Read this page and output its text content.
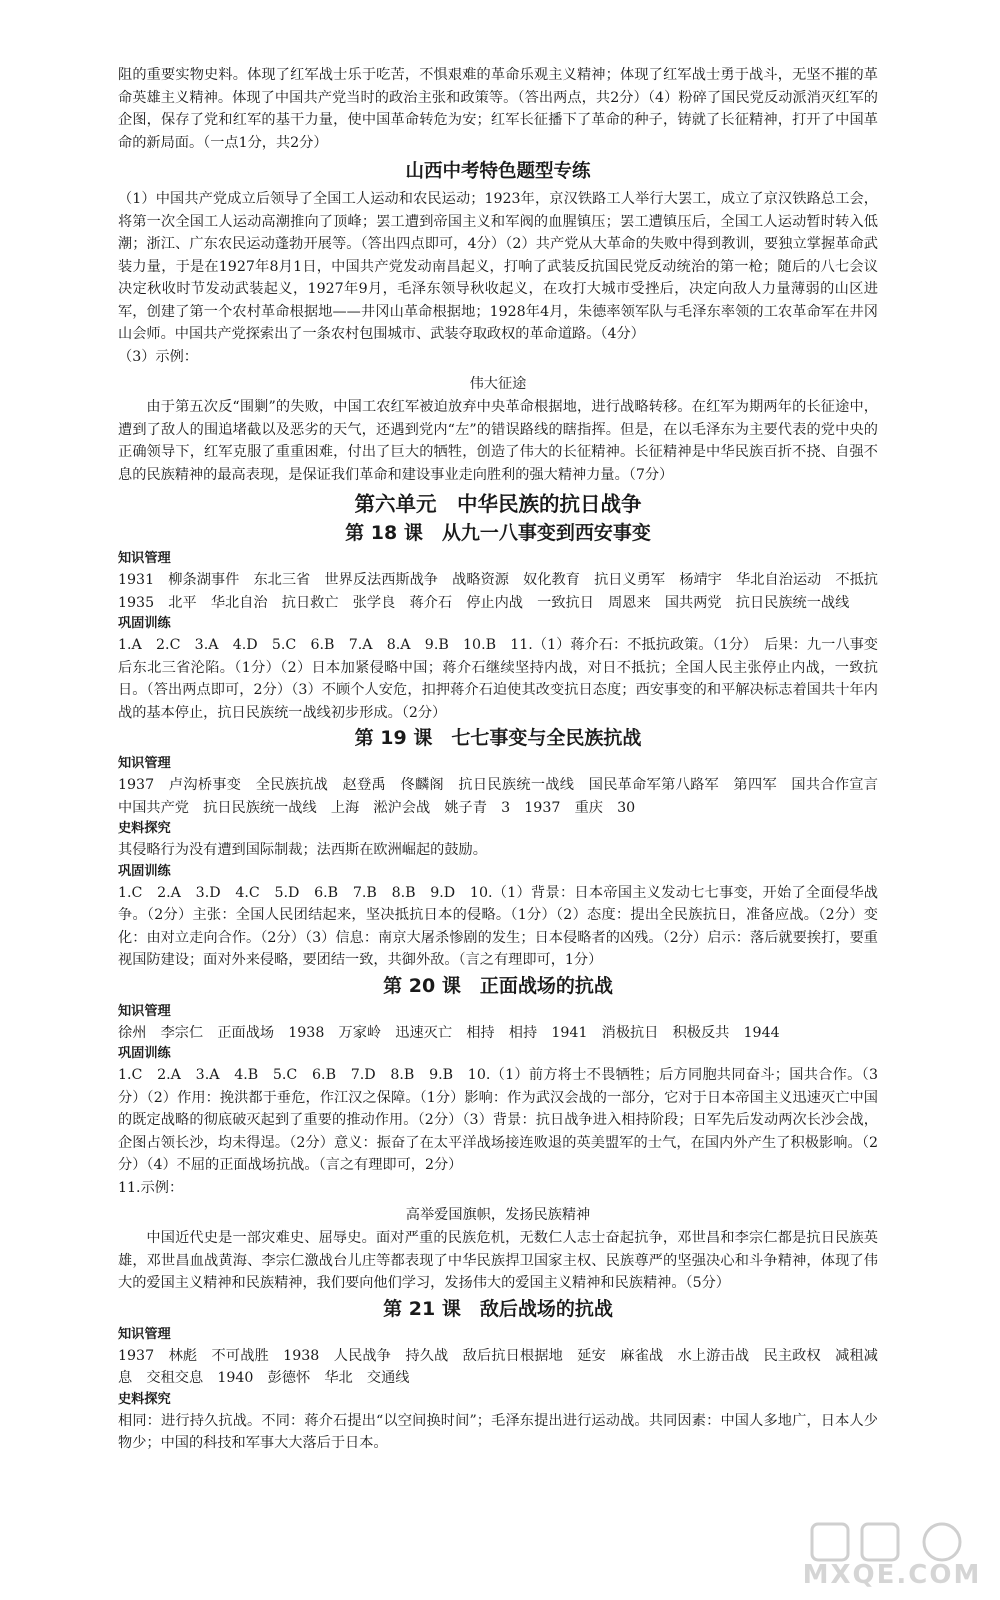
阻的重要实物史料。体现了红军战士乐于吃苦，不惧艰难的革命乐观主义精神；体现了红军战士勇于战斗，无坚不摧的革命英雄主义精神。体现了中国共产党当时的政治主张和政策等。（答出两点，共2分）（4）粉碎了国民党反动派消灭红军的企图，保存了党和红军的基干力量，使中国革命转危为安；红军长征播下了革命的种子，铸就了长征精神，打开了中国革命的新局面。（一点1分，共2分）

山西中考特色题型专练

（1）中国共产党成立后领导了全国工人运动和农民运动；1923年，京汉铁路工人举行大罢工，成立了京汉铁路总工会，将第一次全国工人运动高潮推向了顶峰；罢工遭到帝国主义和军阀的血腥镇压；罢工遭镇压后，全国工人运动暂时转入低潮；浙江、广东农民运动蓬勃开展等。（答出四点即可，4分）（2）共产党从大革命的失败中得到教训，要独立掌握革命武装力量，于是在1927年8月1日，中国共产党发动南昌起义，打响了武装反抗国民党反动统治的第一枪；随后的八七会议决定秋收时节发动武装起义，1927年9月，毛泽东领导秋收起义，在攻打大城市受挫后，决定向敌人力量薄弱的山区进军，创建了第一个农村革命根据地——井冈山革命根据地；1928年4月，朱德率领军队与毛泽东率领的工农革命军在井冈山会师。中国共产党探索出了一条农村包围城市、武装夺取政权的革命道路。（4分）

（3）示例：

伟大征途

由于第五次反“围剿”的失败，中国工农红军被迫放弃中央革命根据地，进行战略转移。在红军为期两年的长征途中，遭到了敌人的围追堵截以及恶劣的天气，还遇到党内“左”的错误路线的瞎指挥。但是，在以毛泽东为主要代表的党中央的正确领导下，红军克服了重重困难，付出了巨大的牺牲，创造了伟大的长征精神。长征精神是中华民族百折不挠、自强不息的民族精神的最高表现，是保证我们革命和建设事业走向胜利的强大精神力量。（7分）

第六单元　中华民族的抗日战争
第 18 课　从九一八事变到西安事变
知识管理

1931　柳条湖事件　东北三省　世界反法西斯战争　战略资源　奴化教育　抗日义勇军　杨靖宇　华北自治运动　不抵抗　1935　北平　华北自治　抗日救亡　张学良　蒋介石　停止内战　一致抗日　周恩来　国共两党　抗日民族统一战线

巩固训练

1.A　2.C　3.A　4.D　5.C　6.B　7.A　8.A　9.B　10.B　11.（1）蒋介石：不抵抗政策。（1分）　后果：九一八事变后东北三省沦陷。（1分）（2）日本加紧侵略中国；蒋介石继续坚持内战，对日不抵抗；全国人民主张停止内战，一致抗日。（答出两点即可，2分）（3）不顾个人安危，扣押蒋介石迫使其改变抗日态度；西安事变的和平解决标志着国共十年内战的基本停止，抗日民族统一战线初步形成。（2分）

第 19 课　七七事变与全民族抗战
知识管理

1937　卢沟桥事变　全民族抗战　赵登禹　佟麟阁　抗日民族统一战线　国民革命军第八路军　第四军　国共合作宣言　中国共产党　抗日民族统一战线　上海　淞沪会战　姚子青　3　1937　重庆　30

史料探究

其侵略行为没有遭到国际制裁；法西斯在欧洲崛起的鼓励。

巩固训练

1.C　2.A　3.D　4.C　5.D　6.B　7.B　8.B　9.D　10.（1）背景：日本帝国主义发动七七事变，开始了全面侵华战争。（2分）主张：全国人民团结起来，坚决抵抗日本的侵略。（1分）（2）态度：提出全民族抗日，准备应战。（2分）变化：由对立走向合作。（2分）（3）信息：南京大屠杀惨剧的发生；日本侵略者的凶残。（2分）启示：落后就要挨打，要重视国防建设；面对外来侵略，要团结一致，共御外敌。（言之有理即可，1分）

第 20 课　正面战场的抗战
知识管理

徐州　李宗仁　正面战场　1938　万家岭　迅速灭亡　相持　相持　1941　消极抗日　积极反共　1944

巩固训练

1.C　2.A　3.A　4.B　5.C　6.B　7.D　8.B　9.B　10.（1）前方将士不畏牺牲；后方同胞共同奋斗；国共合作。（3分）（2）作用：挽洪都于垂危，作江汉之保障。（1分）影响：作为武汉会战的一部分，它对于日本帝国主义迅速灭亡中国的既定战略的彻底破灭起到了重要的推动作用。（2分）（3）背景：抗日战争进入相持阶段；日军先后发动两次长沙会战，企图占领长沙，均未得逞。（2分）意义：振奋了在太平洋战场接连败退的英美盟军的士气，在国内外产生了积极影响。（2分）（4）不屈的正面战场抗战。（言之有理即可，2分）

11.示例：

高举爱国旗帜，发扬民族精神

中国近代史是一部灾难史、屈辱史。面对严重的民族危机，无数仁人志士奋起抗争，邓世昌和李宗仁都是抗日民族英雄，邓世昌血战黄海、李宗仁激战台儿庄等都表现了中华民族捍卫国家主权、民族尊严的坚强决心和斗争精神，体现了伟大的爱国主义精神和民族精神，我们要向他们学习，发扬伟大的爱国主义精神和民族精神。（5分）

第 21 课　敌后战场的抗战
知识管理

1937　林彪　不可战胜　1938　人民战争　持久战　敌后抗日根据地　延安　麻雀战　水上游击战　民主政权　减租减息　交租交息　1940　彭德怀　华北　交通线

史料探究

相同：进行持久抗战。不同：蒋介石提出“以空间换时间”；毛泽东提出进行运动战。共同因素：中国人多地广，日本人少物少；中国的科技和军事大大落后于日本。

MXQE.COM
